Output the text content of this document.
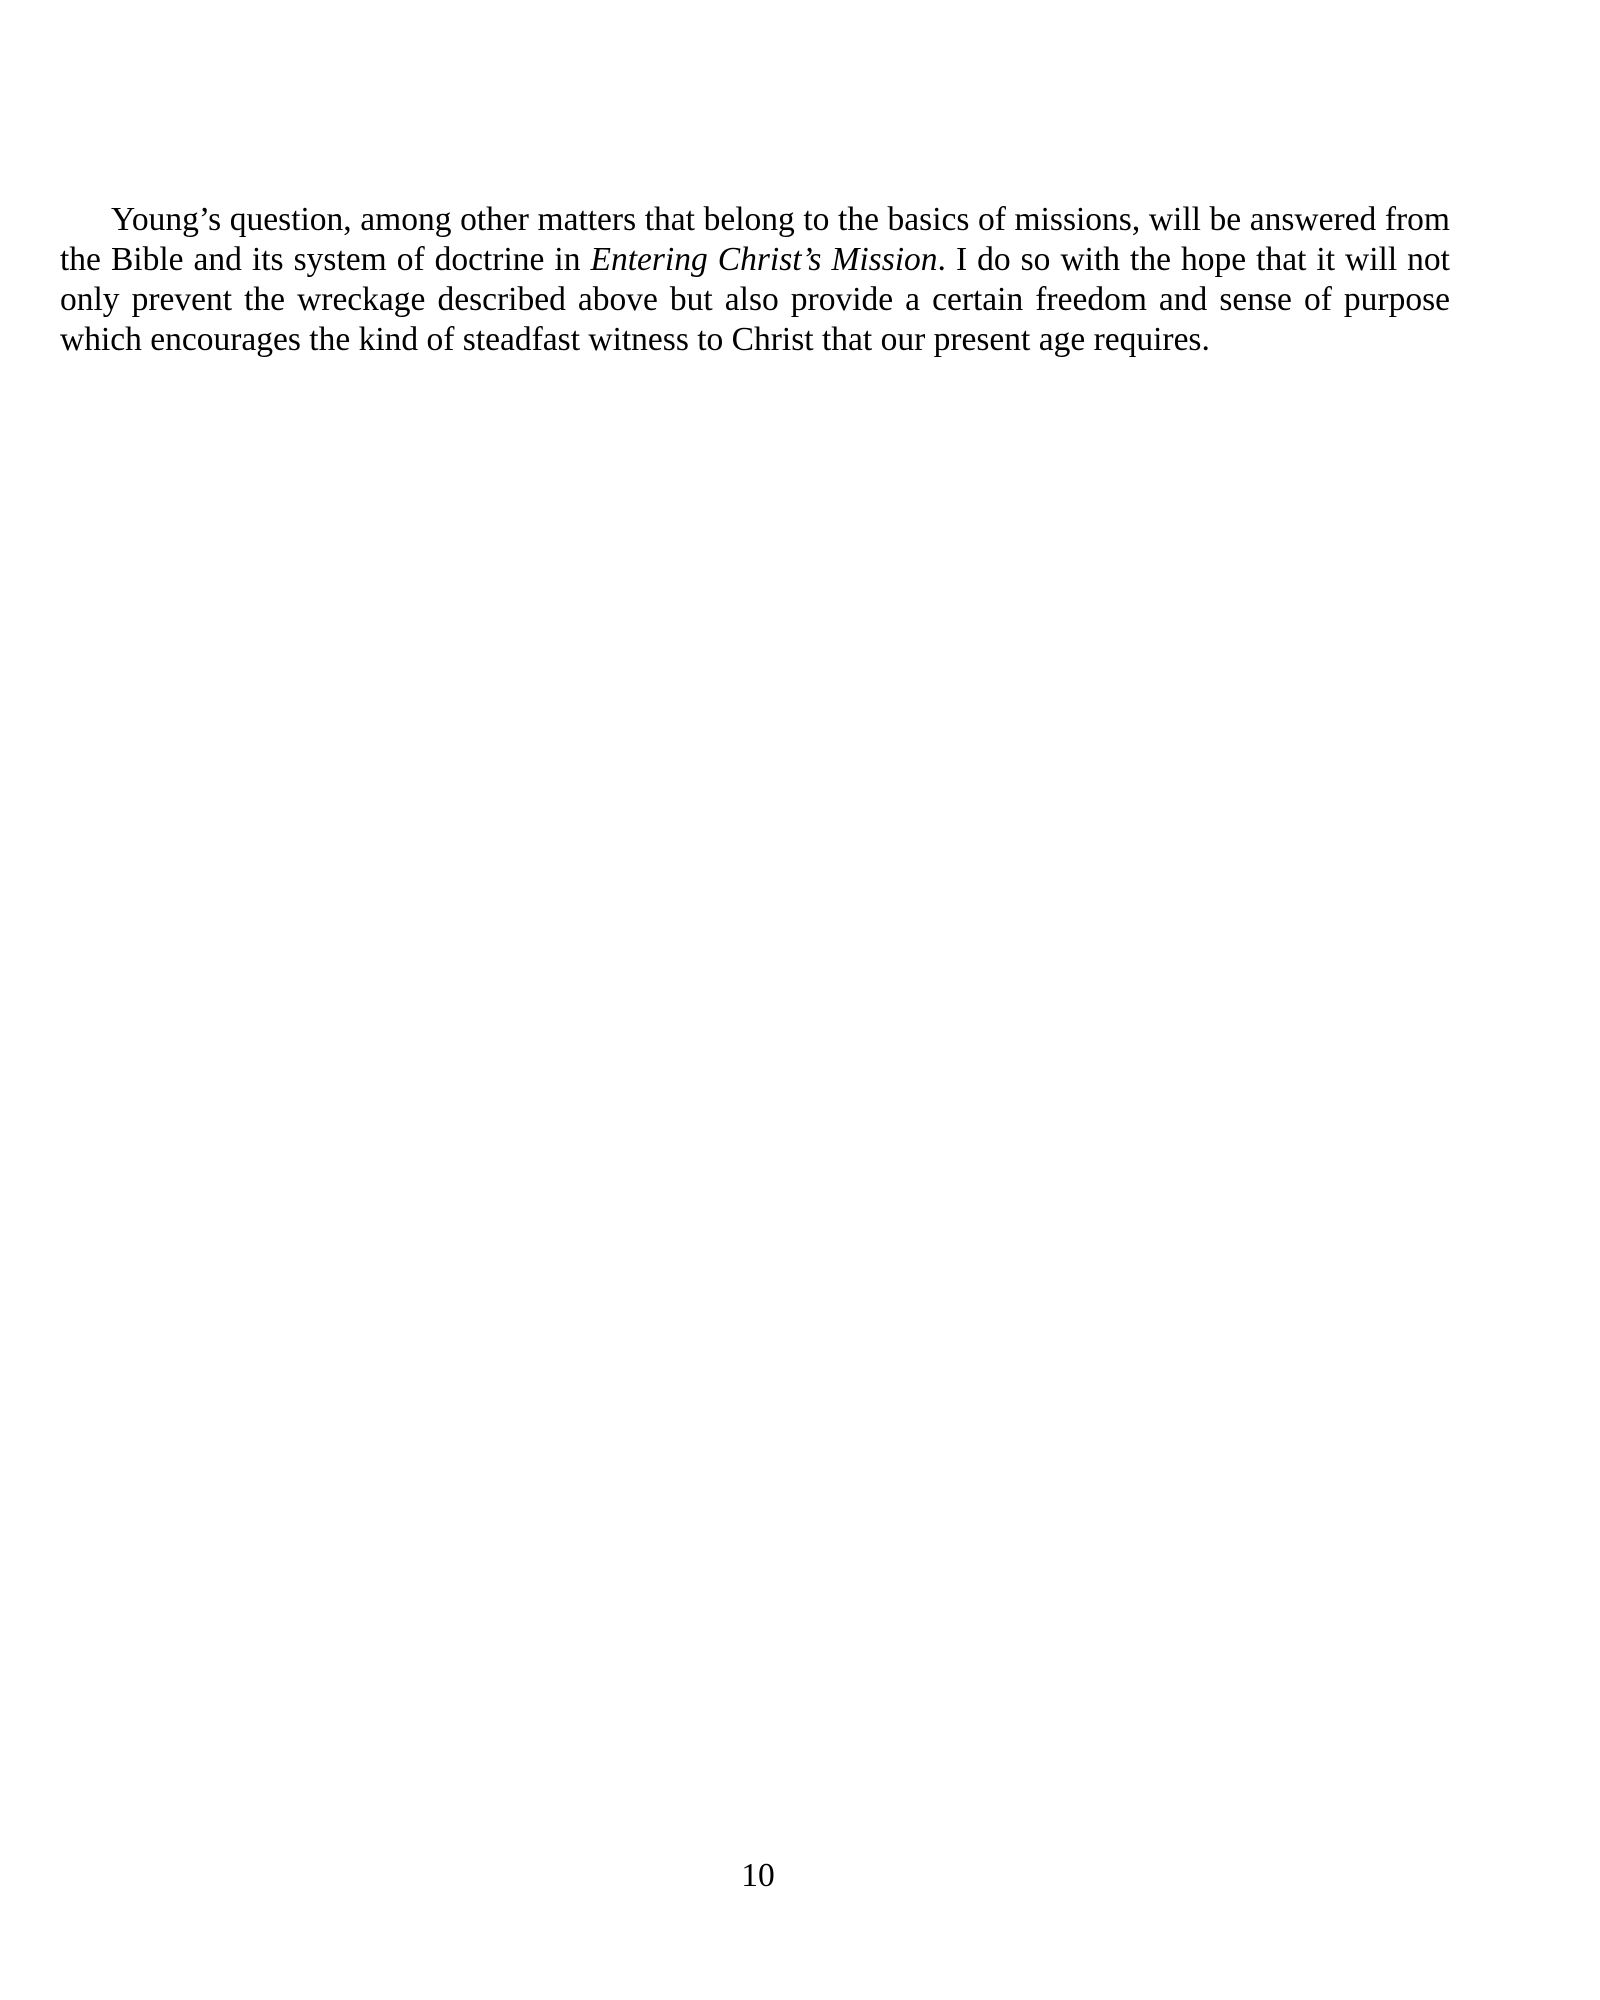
Young’s question, among other matters that belong to the basics of missions, will be answered from the Bible and its system of doctrine in Entering Christ’s Mission. I do so with the hope that it will not only prevent the wreckage described above but also provide a certain freedom and sense of purpose which encourages the kind of steadfast witness to Christ that our present age requires.

10
